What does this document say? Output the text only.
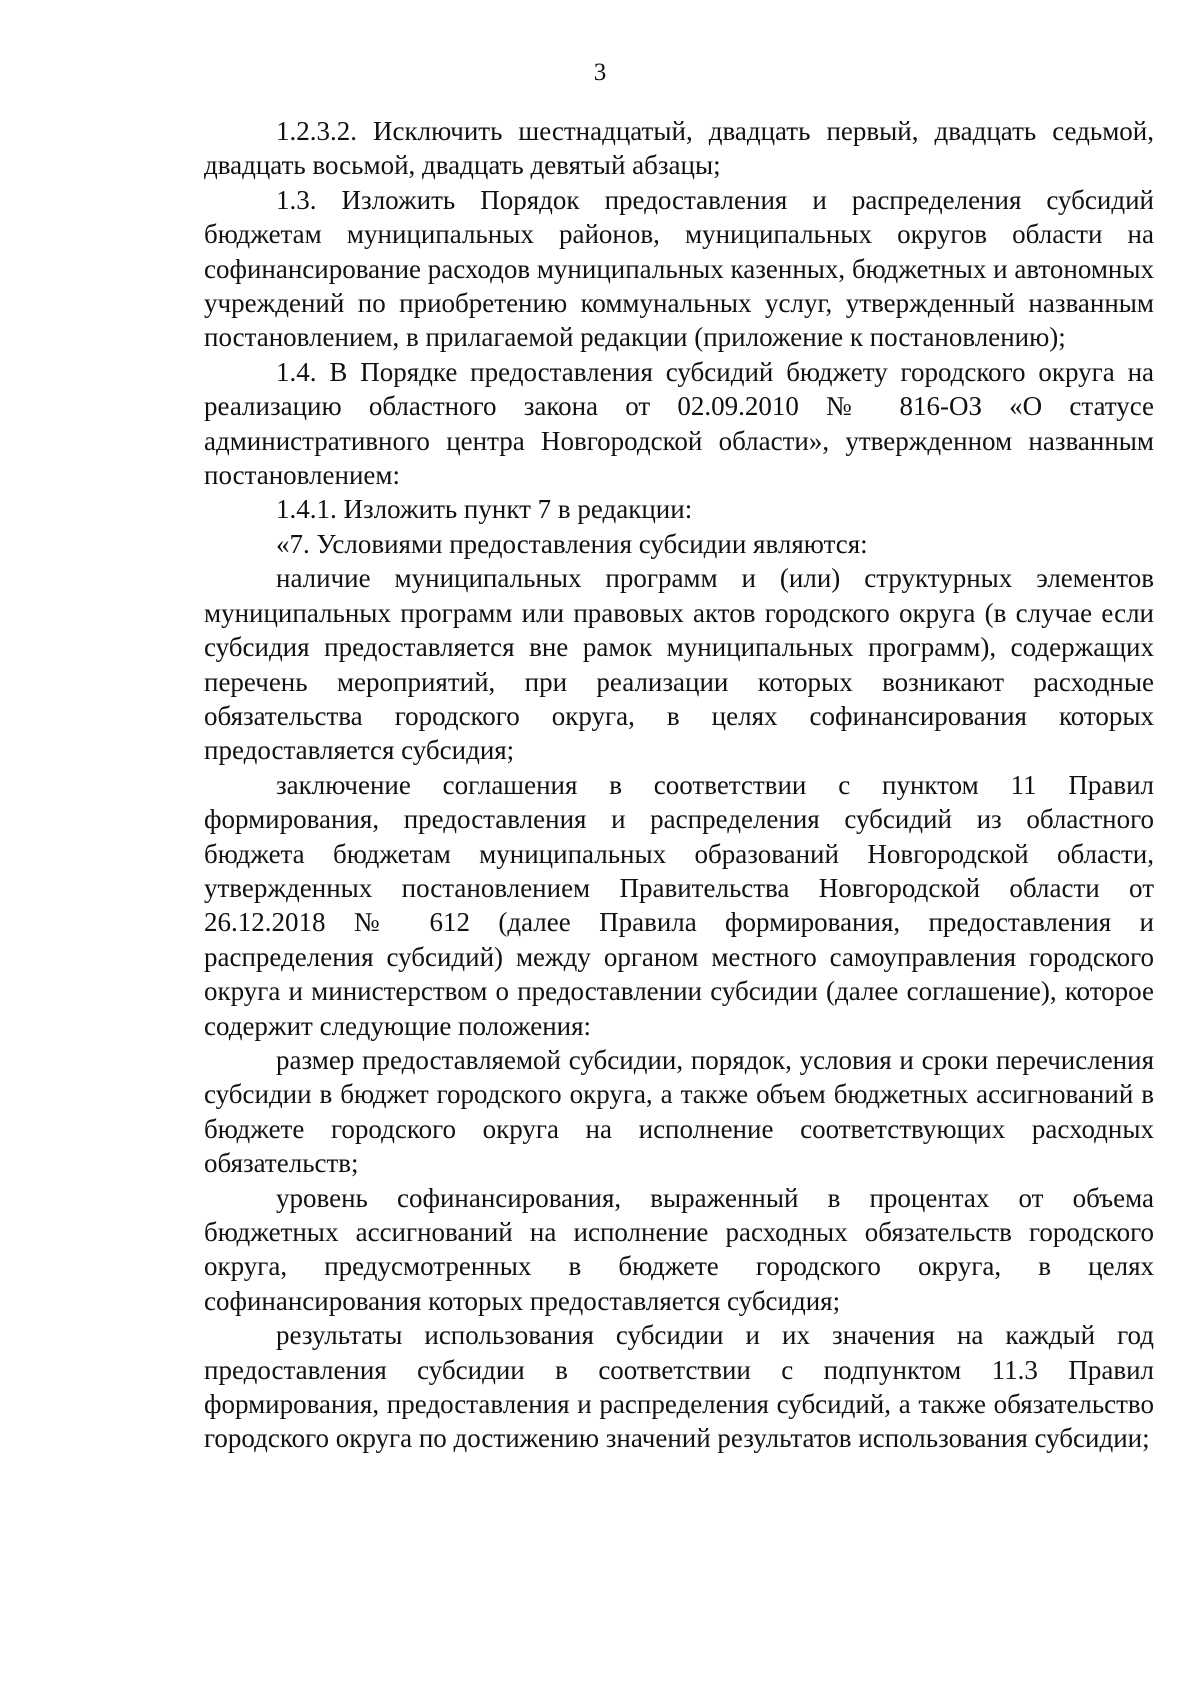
3

1.2.3.2. Исключить шестнадцатый, двадцать первый, двадцать седьмой, двадцать восьмой, двадцать девятый абзацы;

1.3. Изложить Порядок предоставления и распределения субсидий бюджетам муниципальных районов, муниципальных округов области на софинансирование расходов муниципальных казенных, бюджетных и автономных учреждений по приобретению коммунальных услуг, утвержденный названным постановлением, в прилагаемой редакции (приложение к постановлению);

1.4. В Порядке предоставления субсидий бюджету городского округа на реализацию областного закона от 02.09.2010 № 816-ОЗ «О статусе административного центра Новгородской области», утвержденном названным постановлением:

1.4.1. Изложить пункт 7 в редакции:

«7. Условиями предоставления субсидии являются:

наличие муниципальных программ и (или) структурных элементов муниципальных программ или правовых актов городского округа (в случае если субсидия предоставляется вне рамок муниципальных программ), содержащих перечень мероприятий, при реализации которых возникают расходные обязательства городского округа, в целях софинансирования которых предоставляется субсидия;

заключение соглашения в соответствии с пунктом 11 Правил формирования, предоставления и распределения субсидий из областного бюджета бюджетам муниципальных образований Новгородской области, утвержденных постановлением Правительства Новгородской области от 26.12.2018 № 612 (далее Правила формирования, предоставления и распределения субсидий) между органом местного самоуправления городского округа и министерством о предоставлении субсидии (далее соглашение), которое содержит следующие положения:

размер предоставляемой субсидии, порядок, условия и сроки перечисления субсидии в бюджет городского округа, а также объем бюджетных ассигнований в бюджете городского округа на исполнение соответствующих расходных обязательств;

уровень софинансирования, выраженный в процентах от объема бюджетных ассигнований на исполнение расходных обязательств городского округа, предусмотренных в бюджете городского округа, в целях софинансирования которых предоставляется субсидия;

результаты использования субсидии и их значения на каждый год предоставления субсидии в соответствии с подпунктом 11.3 Правил формирования, предоставления и распределения субсидий, а также обязательство городского округа по достижению значений результатов использования субсидии;
